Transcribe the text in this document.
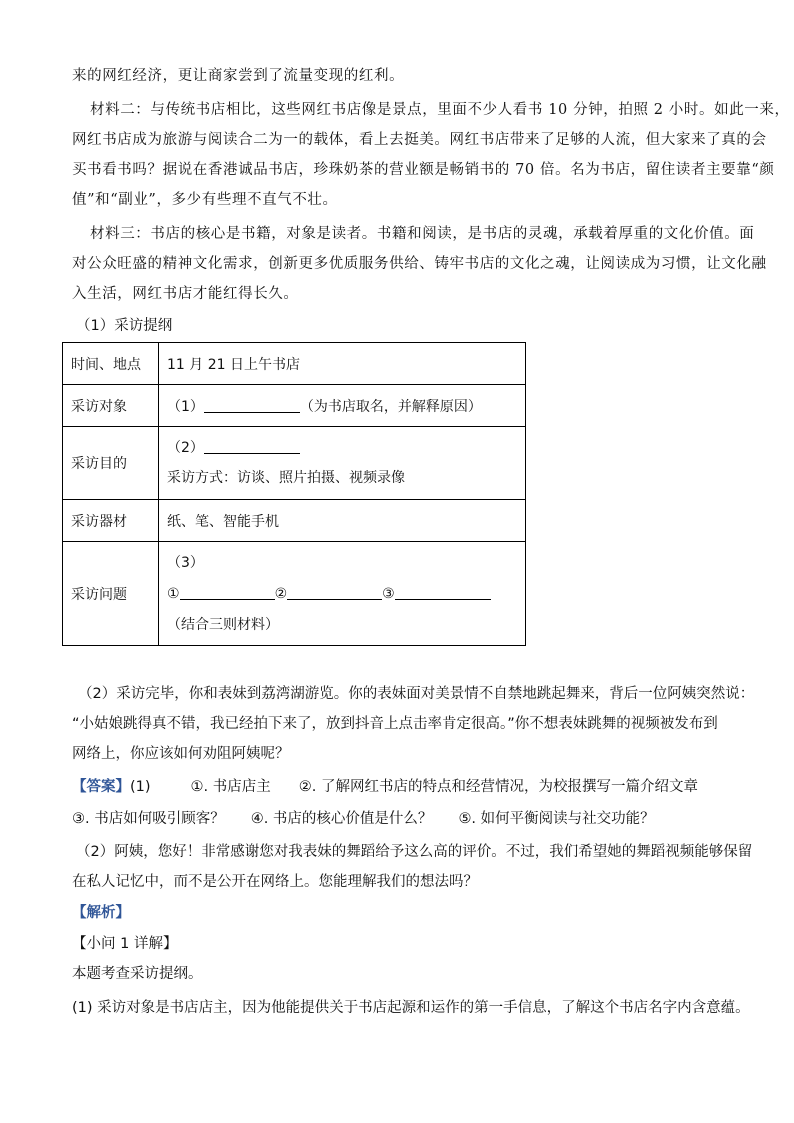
来的网红经济，更让商家尝到了流量变现的红利。
材料二：与传统书店相比，这些网红书店像是景点，里面不少人看书 10 分钟，拍照 2 小时。如此一来，
网红书店成为旅游与阅读合二为一的载体，看上去挺美。网红书店带来了足够的人流，但大家来了真的会
买书看书吗？据说在香港诚品书店，珍珠奶茶的营业额是畅销书的 70 倍。名为书店，留住读者主要靠“颜
值”和“副业”，多少有些理不直气不壮。
材料三：书店的核心是书籍，对象是读者。书籍和阅读，是书店的灵魂，承载着厚重的文化价值。面
对公众旺盛的精神文化需求，创新更多优质服务供给、铸牢书店的文化之魂，让阅读成为习惯，让文化融
入生活，网红书店才能红得长久。
（1）采访提纲
时间、地点	11 月 21 日上午书店
采访对象	（1） （为书店取名，并解释原因）
采访目的	（2）
采访方式：访谈、照片拍摄、视频录像

采访器材	纸、笔、智能手机
采访问题	（3）
① ② ③
（结合三则材料）
（2）采访完毕，你和表妹到荔湾湖游览。你的表妹面对美景情不自禁地跳起舞来，背后一位阿姨突然说：
“小姑娘跳得真不错，我已经拍下来了，放到抖音上点击率肯定很高。”你不想表妹跳舞的视频被发布到
网络上，你应该如何劝阻阿姨呢？
【答案】(1)	①. 书店店主 ②. 了解网红书店的特点和经营情况，为校报撰写一篇介绍文章
③. 书店如何吸引顾客？ ④. 书店的核心价值是什么？ ⑤. 如何平衡阅读与社交功能？
（2）阿姨，您好！非常感谢您对我表妹的舞蹈给予这么高的评价。不过，我们希望她的舞蹈视频能够保留
在私人记忆中，而不是公开在网络上。您能理解我们的想法吗？
【解析】
【小问 1 详解】
本题考查采访提纲。
(1) 采访对象是书店店主，因为他能提供关于书店起源和运作的第一手信息，了解这个书店名字内含意蕴。
